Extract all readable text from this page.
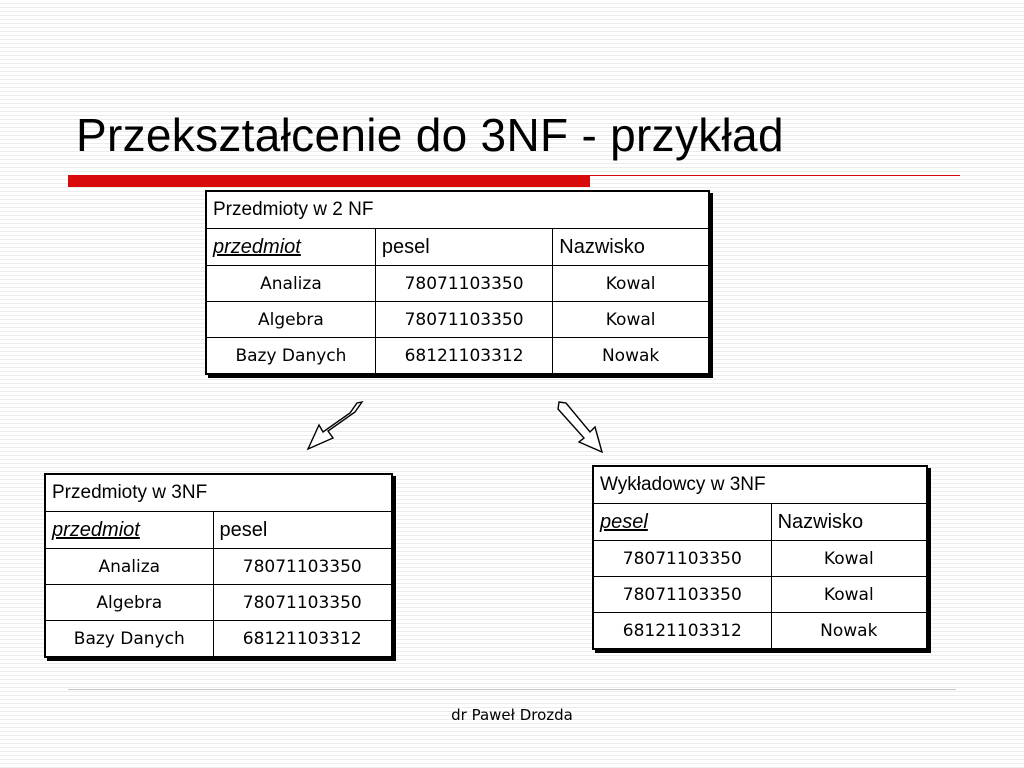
Przekształcenie do 3NF - przykład
Przedmioty w 2 NF		
przedmiot	pesel	Nazwisko
Analiza	78071103350	Kowal
Algebra	78071103350	Kowal
Bazy Danych	68121103312	Nowak
Przedmioty w 3NF	
przedmiot	pesel
Analiza	78071103350
Algebra	78071103350
Bazy Danych	68121103312
Wykładowcy w 3NF	
pesel	Nazwisko
78071103350	Kowal
78071103350	Kowal
68121103312	Nowak
dr Paweł Drozda
